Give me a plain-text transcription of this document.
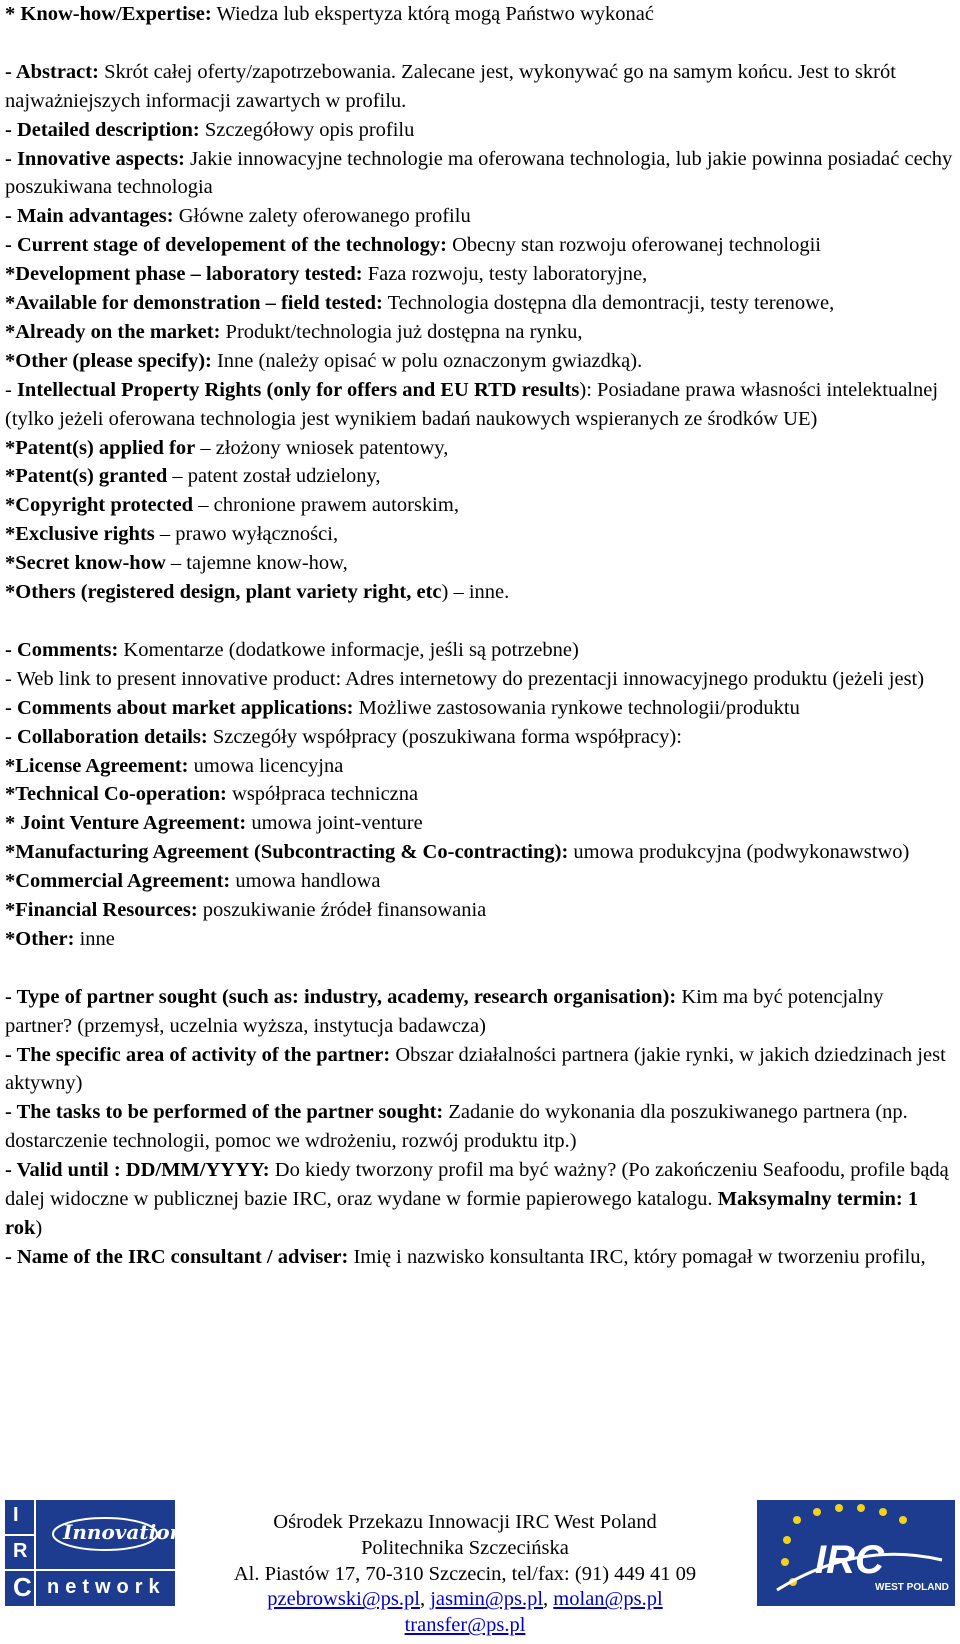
* Know-how/Expertise: Wiedza lub ekspertyza którą mogą Państwo wykonać

- Abstract: Skrót całej oferty/zapotrzebowania. Zalecane jest, wykonywać go na samym końcu. Jest to skrót najważniejszych informacji zawartych w profilu.

- Detailed description: Szczegółowy opis profilu

- Innovative aspects: Jakie innowacyjne technologie ma oferowana technologia, lub jakie powinna posiadać cechy poszukiwana technologia

- Main advantages: Główne zalety oferowanego profilu

- Current stage of developement of the technology: Obecny stan rozwoju oferowanej technologii

*Development phase – laboratory tested: Faza rozwoju, testy laboratoryjne,

*Available for demonstration – field tested: Technologia dostępna dla demontracji, testy terenowe,

*Already on the market: Produkt/technologia już dostępna na rynku,

*Other (please specify): Inne (należy opisać w polu oznaczonym gwiazdką).

- Intellectual Property Rights (only for offers and EU RTD results): Posiadane prawa własności intelektualnej (tylko jeżeli oferowana technologia jest wynikiem badań naukowych wspieranych ze środków UE)

*Patent(s) applied for – złożony wniosek patentowy,

*Patent(s) granted – patent został udzielony,

*Copyright protected – chronione prawem autorskim,

*Exclusive rights – prawo wyłączności,

*Secret know-how – tajemne know-how,

*Others (registered design, plant variety right, etc) – inne.

- Comments: Komentarze (dodatkowe informacje, jeśli są potrzebne)

- Web link to present innovative product: Adres internetowy do prezentacji innowacyjnego produktu (jeżeli jest)

- Comments about market applications: Możliwe zastosowania rynkowe technologii/produktu

- Collaboration details: Szczegóły współpracy (poszukiwana forma współpracy):

*License Agreement: umowa licencyjna

*Technical Co-operation: współpraca techniczna

* Joint Venture Agreement: umowa joint-venture

*Manufacturing Agreement (Subcontracting & Co-contracting): umowa produkcyjna (podwykonawstwo)

*Commercial Agreement: umowa handlowa

*Financial Resources: poszukiwanie źródeł finansowania

*Other: inne

- Type of partner sought (such as: industry, academy, research organisation): Kim ma być potencjalny partner? (przemysł, uczelnia wyższa, instytucja badawcza)

- The specific area of activity of the partner: Obszar działalności partnera (jakie rynki, w jakich dziedzinach jest aktywny)

- The tasks to be performed of the partner sought: Zadanie do wykonania dla poszukiwanego partnera (np. dostarczenie technologii, pomoc we wdrożeniu, rozwój produktu itp.)

- Valid until : DD/MM/YYYY: Do kiedy tworzony profil ma być ważny? (Po zakończeniu Seafoodu, profile bądą dalej widoczne w publicznej bazie IRC, oraz wydane w formie papierowego katalogu. Maksymalny termin: 1 rok)

- Name of the IRC consultant / adviser: Imię i nazwisko konsultanta IRC, który pomagał w tworzeniu profilu,

I
R
C
Innovation
network
Ośrodek Przekazu Innowacji IRC West Poland
Politechnika Szczecińska
Al. Piastów 17, 70-310 Szczecin, tel/fax: (91) 449 41 09
pzebrowski@ps.pl, jasmin@ps.pl, molan@ps.pl
transfer@ps.pl
IRC
WEST POLAND
